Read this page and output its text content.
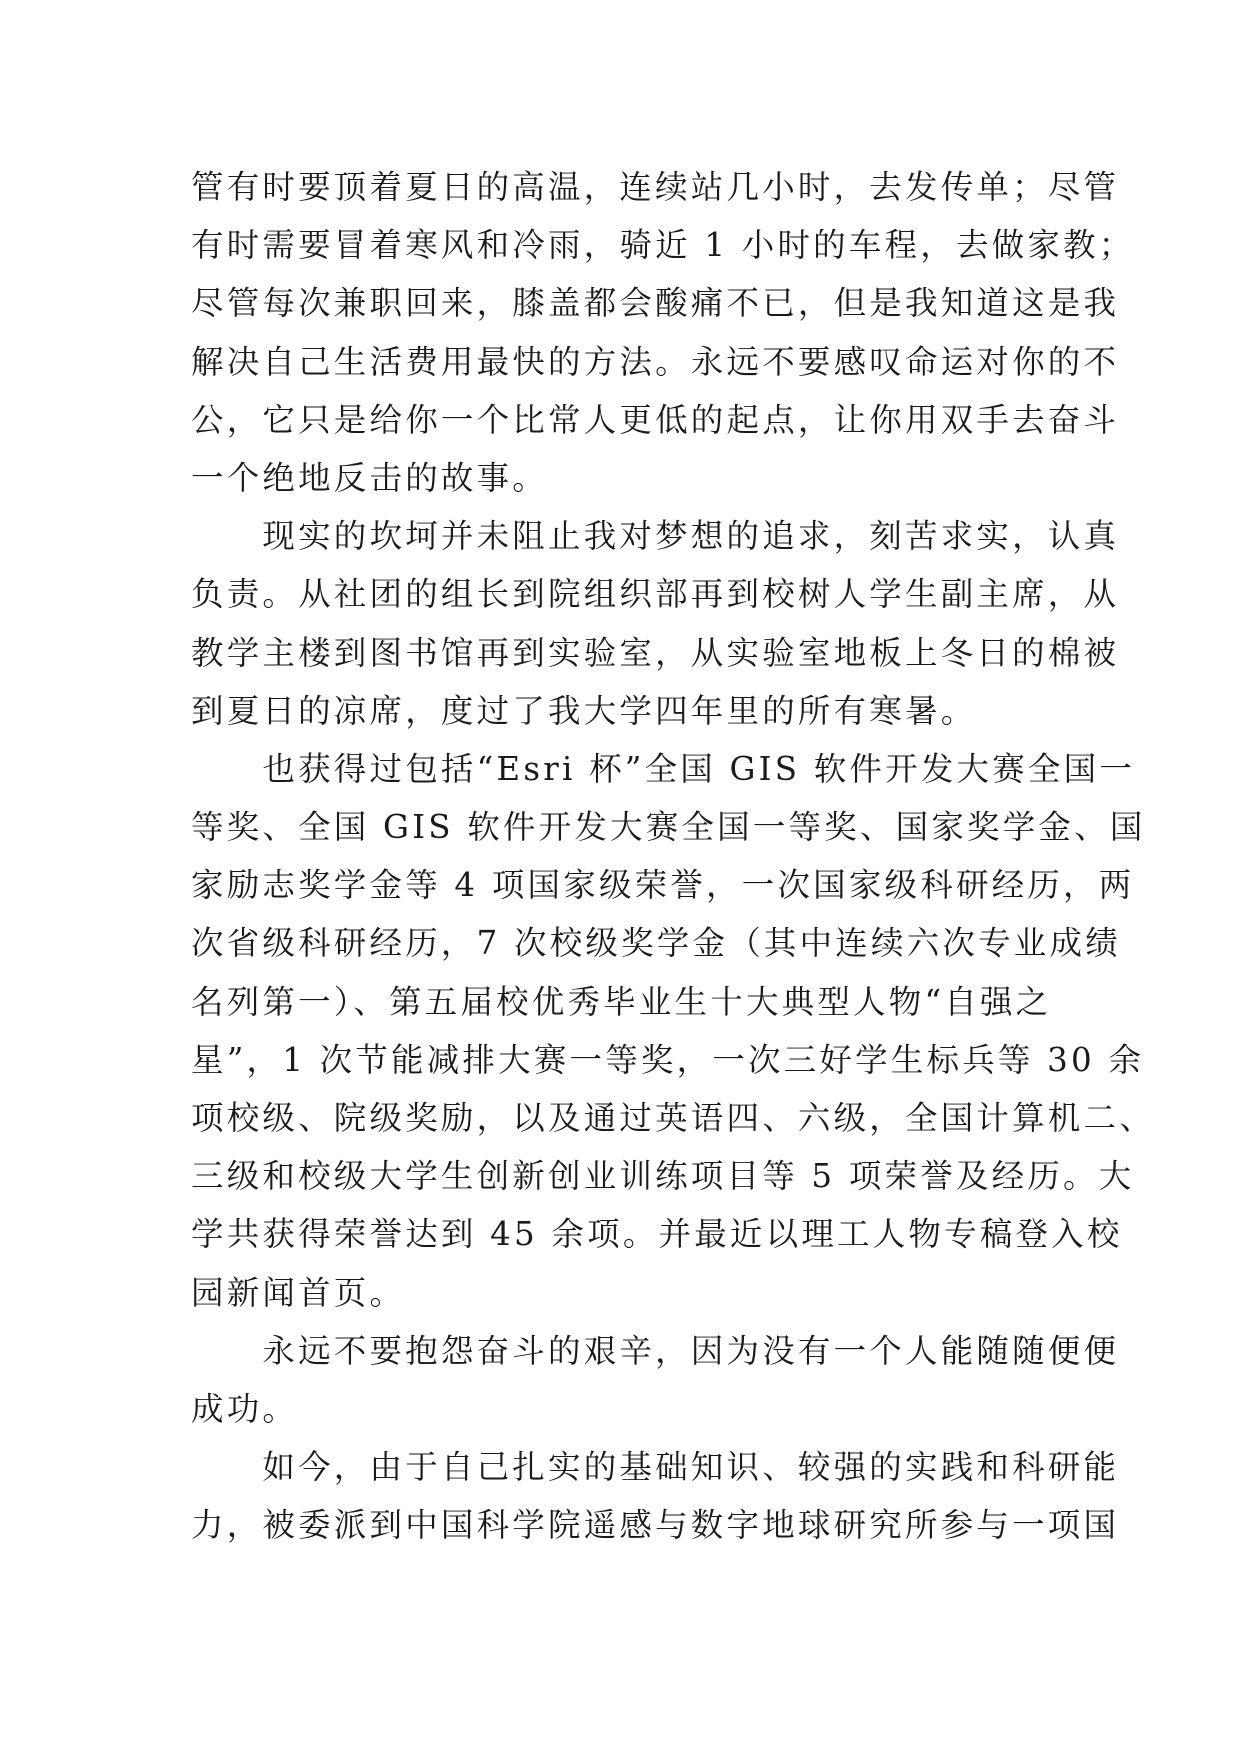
管有时要顶着夏日的高温，连续站几小时，去发传单；尽管
有时需要冒着寒风和冷雨，骑近 1 小时的车程，去做家教；
尽管每次兼职回来，膝盖都会酸痛不已，但是我知道这是我
解决自己生活费用最快的方法。永远不要感叹命运对你的不
公，它只是给你一个比常人更低的起点，让你用双手去奋斗
一个绝地反击的故事。
　　现实的坎坷并未阻止我对梦想的追求，刻苦求实，认真
负责。从社团的组长到院组织部再到校树人学生副主席，从
教学主楼到图书馆再到实验室，从实验室地板上冬日的棉被
到夏日的凉席，度过了我大学四年里的所有寒暑。
　　也获得过包括“Esri 杯”全国 GIS 软件开发大赛全国一
等奖、全国 GIS 软件开发大赛全国一等奖、国家奖学金、国
家励志奖学金等 4 项国家级荣誉，一次国家级科研经历，两
次省级科研经历，7 次校级奖学金（其中连续六次专业成绩
名列第一）、第五届校优秀毕业生十大典型人物“自强之
星”，1 次节能减排大赛一等奖，一次三好学生标兵等 30 余
项校级、院级奖励，以及通过英语四、六级，全国计算机二、
三级和校级大学生创新创业训练项目等 5 项荣誉及经历。大
学共获得荣誉达到 45 余项。并最近以理工人物专稿登入校
园新闻首页。
　　永远不要抱怨奋斗的艰辛，因为没有一个人能随随便便
成功。
　　如今，由于自己扎实的基础知识、较强的实践和科研能
力，被委派到中国科学院遥感与数字地球研究所参与一项国
